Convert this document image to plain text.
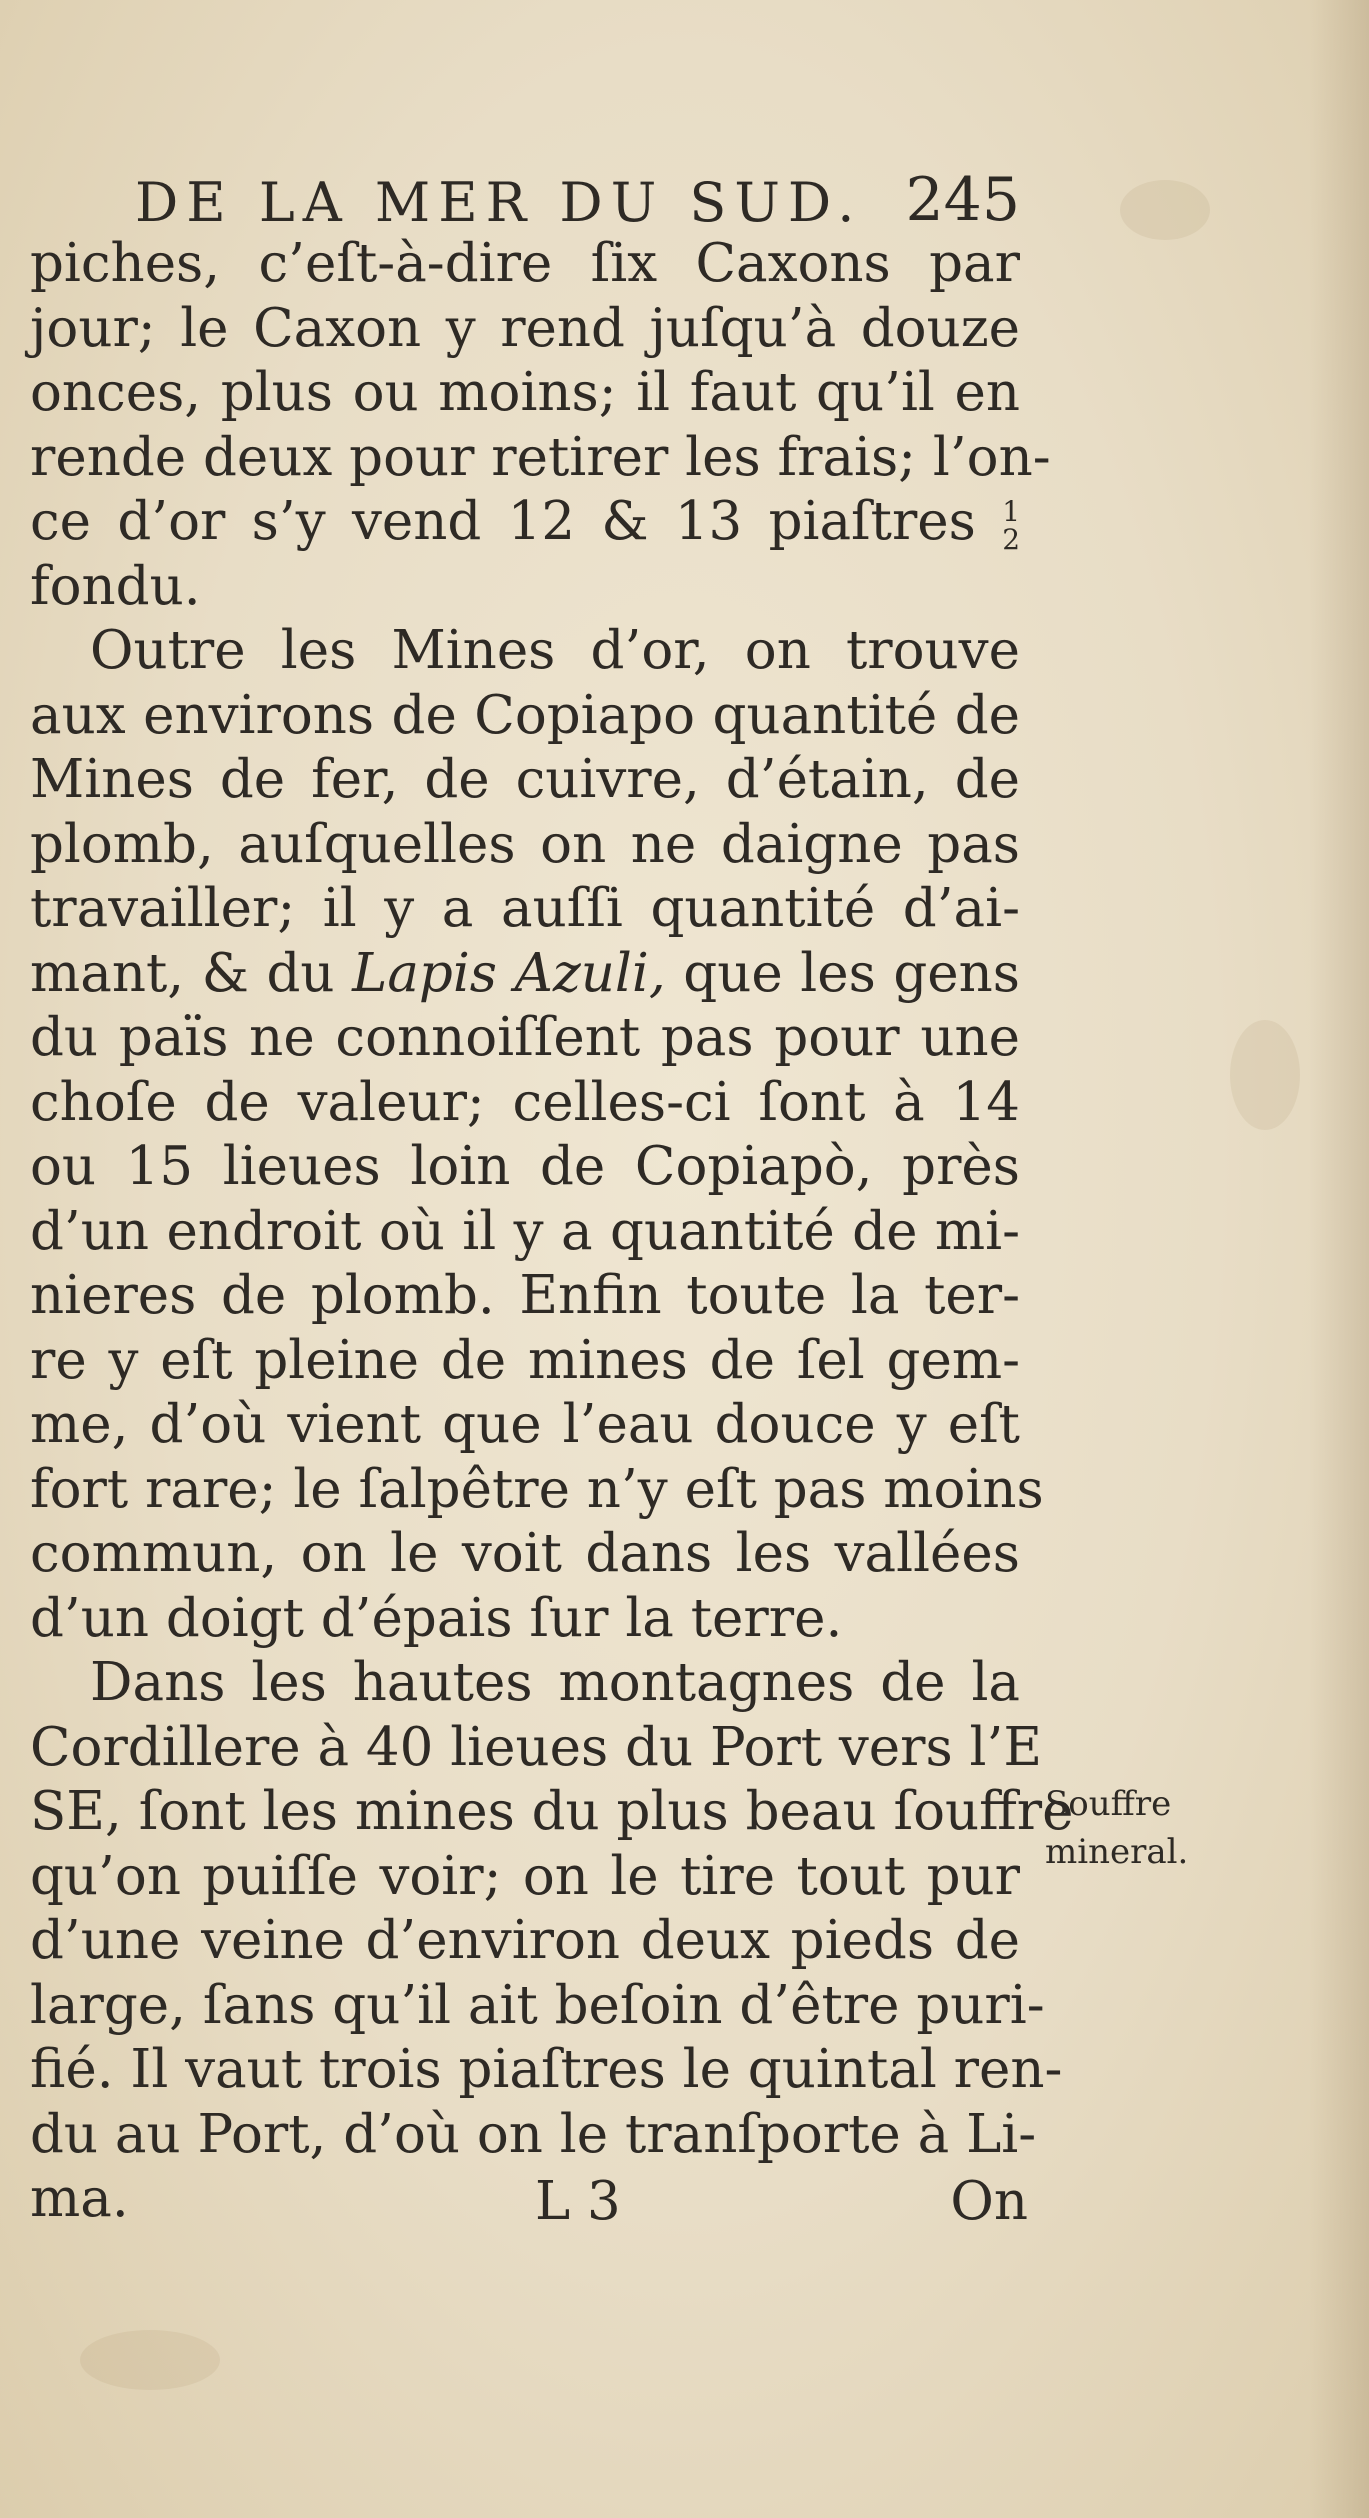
DE LA MER DU SUD. 245
piches, c’eſt-à-dire ſix Caxons par
jour; le Caxon y rend juſqu’à douze
onces, plus ou moins; il faut qu’il en
rende deux pour retirer les frais; l’on-
ce d’or s’y vend 12 & 13 piaſtres 1
2
fondu.
Outre les Mines d’or, on trouve
aux environs de Copiapo quantité de
Mines de fer, de cuivre, d’étain, de
plomb, auſquelles on ne daigne pas
travailler; il y a auſſi quantité d’ai-
mant, & du Lapis Azuli, que les gens
du païs ne connoiſſent pas pour une
choſe de valeur; celles-ci ſont à 14
ou 15 lieues loin de Copiapò, près
d’un endroit où il y a quantité de mi-
nieres de plomb. Enfin toute la ter-
re y eſt pleine de mines de ſel gem-
me, d’où vient que l’eau douce y eſt
fort rare; le ſalpêtre n’y eſt pas moins
commun, on le voit dans les vallées
d’un doigt d’épais ſur la terre.
Dans les hautes montagnes de la
Cordillere à 40 lieues du Port vers l’E
SE, ſont les mines du plus beau ſouffre
qu’on puiſſe voir; on le tire tout pur
d’une veine d’environ deux pieds de
large, ſans qu’il ait beſoin d’être puri-
fié. Il vaut trois piaſtres le quintal ren-
du au Port, d’où on le tranſporte à Li-
ma.
Souffre
mineral.
L 3	On
